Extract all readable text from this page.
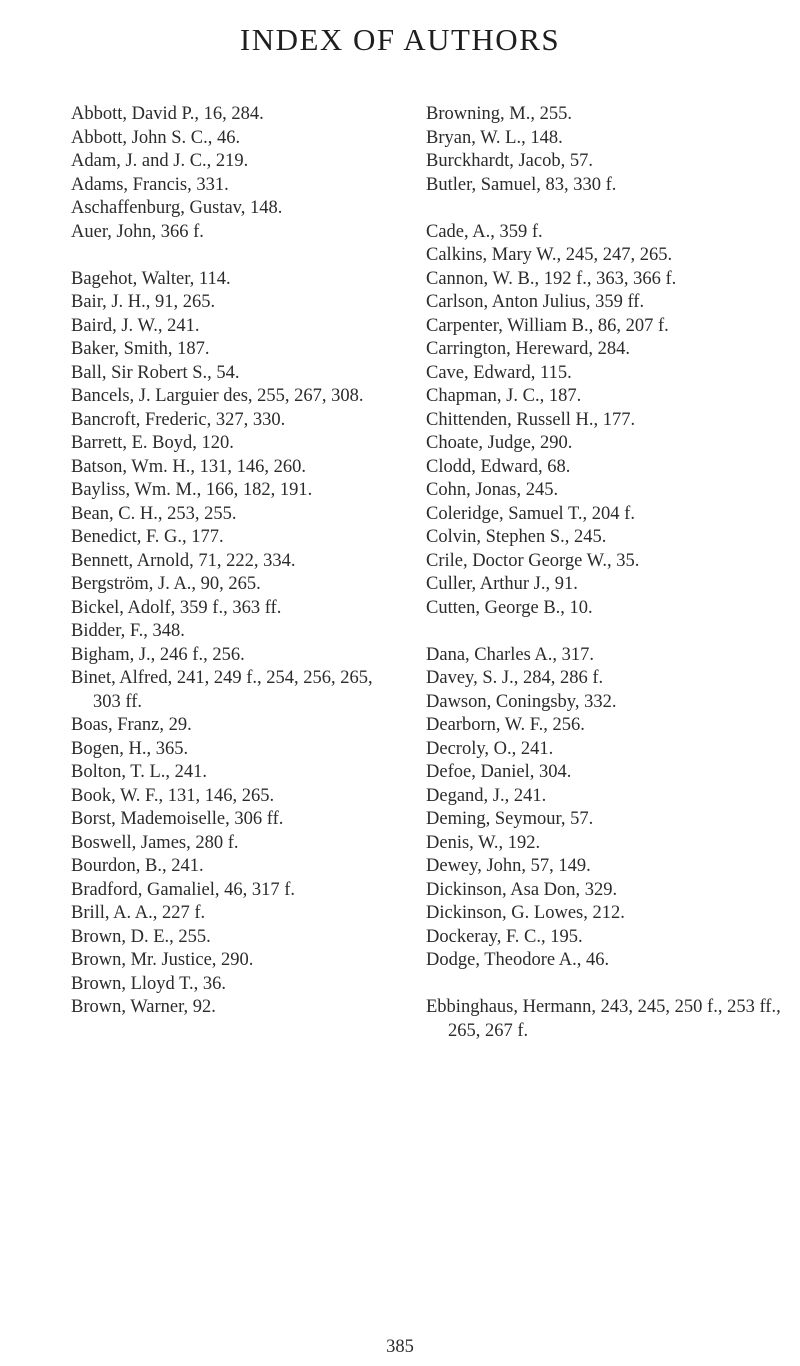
INDEX OF AUTHORS
Abbott, David P., 16, 284.
Abbott, John S. C., 46.
Adam, J. and J. C., 219.
Adams, Francis, 331.
Aschaffenburg, Gustav, 148.
Auer, John, 366 f.
Bagehot, Walter, 114.
Bair, J. H., 91, 265.
Baird, J. W., 241.
Baker, Smith, 187.
Ball, Sir Robert S., 54.
Bancels, J. Larguier des, 255, 267, 308.
Bancroft, Frederic, 327, 330.
Barrett, E. Boyd, 120.
Batson, Wm. H., 131, 146, 260.
Bayliss, Wm. M., 166, 182, 191.
Bean, C. H., 253, 255.
Benedict, F. G., 177.
Bennett, Arnold, 71, 222, 334.
Bergström, J. A., 90, 265.
Bickel, Adolf, 359 f., 363 ff.
Bidder, F., 348.
Bigham, J., 246 f., 256.
Binet, Alfred, 241, 249 f., 254, 256, 265, 303 ff.
Boas, Franz, 29.
Bogen, H., 365.
Bolton, T. L., 241.
Book, W. F., 131, 146, 265.
Borst, Mademoiselle, 306 ff.
Boswell, James, 280 f.
Bourdon, B., 241.
Bradford, Gamaliel, 46, 317 f.
Brill, A. A., 227 f.
Brown, D. E., 255.
Brown, Mr. Justice, 290.
Brown, Lloyd T., 36.
Brown, Warner, 92.
Browning, M., 255.
Bryan, W. L., 148.
Burckhardt, Jacob, 57.
Butler, Samuel, 83, 330 f.
Cade, A., 359 f.
Calkins, Mary W., 245, 247, 265.
Cannon, W. B., 192 f., 363, 366 f.
Carlson, Anton Julius, 359 ff.
Carpenter, William B., 86, 207 f.
Carrington, Hereward, 284.
Cave, Edward, 115.
Chapman, J. C., 187.
Chittenden, Russell H., 177.
Choate, Judge, 290.
Clodd, Edward, 68.
Cohn, Jonas, 245.
Coleridge, Samuel T., 204 f.
Colvin, Stephen S., 245.
Crile, Doctor George W., 35.
Culler, Arthur J., 91.
Cutten, George B., 10.
Dana, Charles A., 317.
Davey, S. J., 284, 286 f.
Dawson, Coningsby, 332.
Dearborn, W. F., 256.
Decroly, O., 241.
Defoe, Daniel, 304.
Degand, J., 241.
Deming, Seymour, 57.
Denis, W., 192.
Dewey, John, 57, 149.
Dickinson, Asa Don, 329.
Dickinson, G. Lowes, 212.
Dockeray, F. C., 195.
Dodge, Theodore A., 46.
Ebbinghaus, Hermann, 243, 245, 250 f., 253 ff., 265, 267 f.
385
